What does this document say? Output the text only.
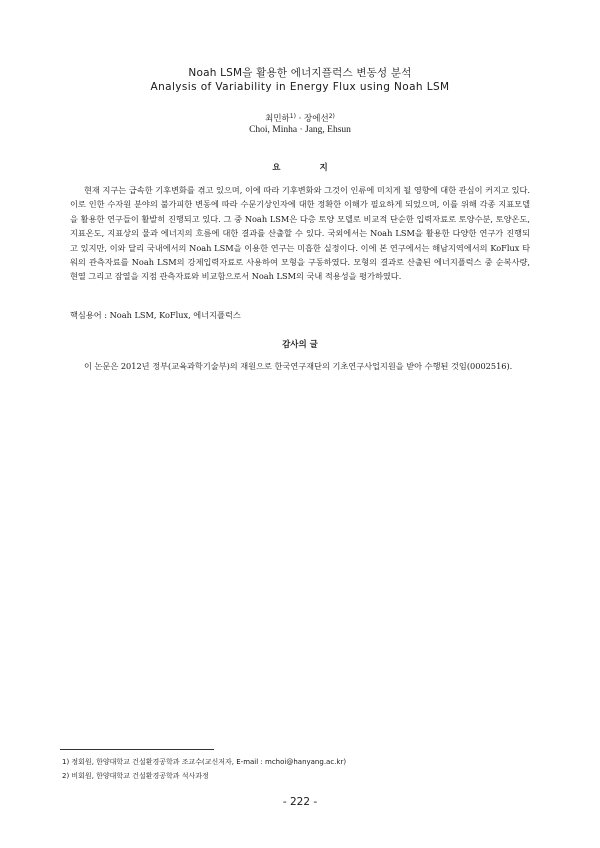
Noah LSM을 활용한 에너지플럭스 변동성 분석
Analysis of Variability in Energy Flux using Noah LSM
최민하$^{1)}$ · 장에선$^{2)}$
Choi, Minha · Jang, Ehsun
요 지

현재 지구는 급속한 기후변화를 겪고 있으며, 이에 따라 기후변화와 그것이 인류에 미치게 될 영향에 대한 관심이 커지고 있다. 이로 인한 수자원 분야의 불가피한 변동에 따라 수문기상인자에 대한 정확한 이해가 필요하게 되었으며, 이를 위해 각종 지표모델을 활용한 연구들이 활발히 진행되고 있다. 그 중 Noah LSM은 다층 토양 모델로 비교적 단순한 입력자료로 토양수분, 토양온도, 지표온도, 지표상의 물과 에너지의 흐름에 대한 결과를 산출할 수 있다. 국외에서는 Noah LSM을 활용한 다양한 연구가 진행되고 있지만, 이와 달리 국내에서의 Noah LSM을 이용한 연구는 미흡한 실정이다. 이에 본 연구에서는 해남지역에서의 KoFlux 타워의 관측자료를 Noah LSM의 강제입력자료로 사용하여 모형을 구동하였다. 모형의 결과로 산출된 에너지플럭스 중 순복사량, 현열 그리고 잠열을 지점 관측자료와 비교함으로서 Noah LSM의 국내 적용성을 평가하였다.

핵심용어 : Noah LSM, KoFlux, 에너지플럭스
감사의 글
이 논문은 2012년 정부(교육과학기술부)의 재원으로 한국연구재단의 기초연구사업지원을 받아 수행된 것임(0002516).
1) 정회원, 한양대학교 건설환경공학과 조교수(교신저자, E-mail : mchoi@hanyang.ac.kr)
2) 비회원, 한양대학교 건설환경공학과 석사과정
- 222 -
